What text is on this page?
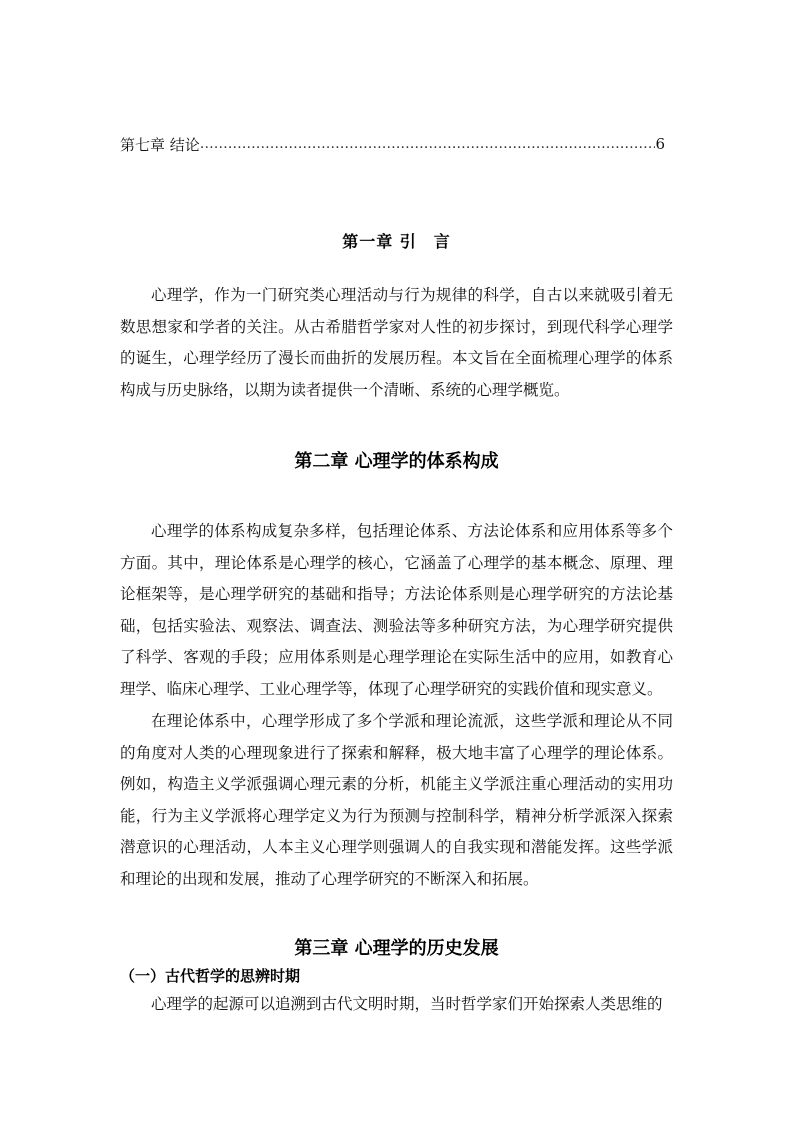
第七章 结论
……………………………………………………………………………………………………………………………………………………………………………………	6
第一章 引　言

心理学，作为一门研究类心理活动与行为规律的科学，自古以来就吸引着无数思想家和学者的关注。从古希腊哲学家对人性的初步探讨，到现代科学心理学的诞生，心理学经历了漫长而曲折的发展历程。本文旨在全面梳理心理学的体系构成与历史脉络，以期为读者提供一个清晰、系统的心理学概览。

第二章 心理学的体系构成

心理学的体系构成复杂多样，包括理论体系、方法论体系和应用体系等多个方面。其中，理论体系是心理学的核心，它涵盖了心理学的基本概念、原理、理论框架等，是心理学研究的基础和指导；方法论体系则是心理学研究的方法论基础，包括实验法、观察法、调查法、测验法等多种研究方法，为心理学研究提供了科学、客观的手段；应用体系则是心理学理论在实际生活中的应用，如教育心理学、临床心理学、工业心理学等，体现了心理学研究的实践价值和现实意义。

在理论体系中，心理学形成了多个学派和理论流派，这些学派和理论从不同的角度对人类的心理现象进行了探索和解释，极大地丰富了心理学的理论体系。例如，构造主义学派强调心理元素的分析，机能主义学派注重心理活动的实用功能，行为主义学派将心理学定义为行为预测与控制科学，精神分析学派深入探索潜意识的心理活动，人本主义心理学则强调人的自我实现和潜能发挥。这些学派和理论的出现和发展，推动了心理学研究的不断深入和拓展。

第三章 心理学的历史发展
（一）古代哲学的思辨时期

心理学的起源可以追溯到古代文明时期，当时哲学家们开始探索人类思维的
